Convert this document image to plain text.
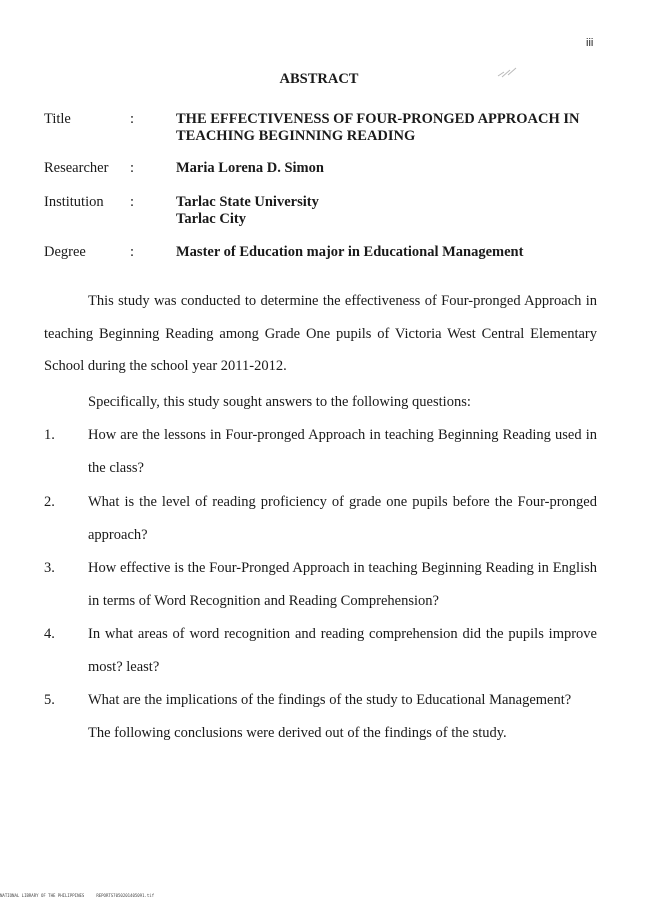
iii
ABSTRACT
Title	:	THE EFFECTIVENESS OF FOUR-PRONGED APPROACH IN
TEACHING BEGINNING READING
Researcher :	Maria Lorena D. Simon
Institution :	Tarlac State University
Tarlac City
Degree	:	Master of Education major in Educational Management

This study was conducted to determine the effectiveness of Four-pronged Approach in teaching Beginning Reading among Grade One pupils of Victoria West Central Elementary School during the school year 2011-2012.

Specifically, this study sought answers to the following questions:
1. How are the lessons in Four-pronged Approach in teaching Beginning Reading used in the class?
2. What is the level of reading proficiency of grade one pupils before the Four-pronged approach?
3. How effective is the Four-Pronged Approach in teaching Beginning Reading in English in terms of Word Recognition and Reading Comprehension?
4. In what areas of word recognition and reading comprehension did the pupils improve most? least?
5. What are the implications of the findings of the study to Educational Management?
The following conclusions were derived out of the findings of the study.
NATIONAL LIBRARY OF THE PHILIPPINES     REPORTS7050201405091.tif
